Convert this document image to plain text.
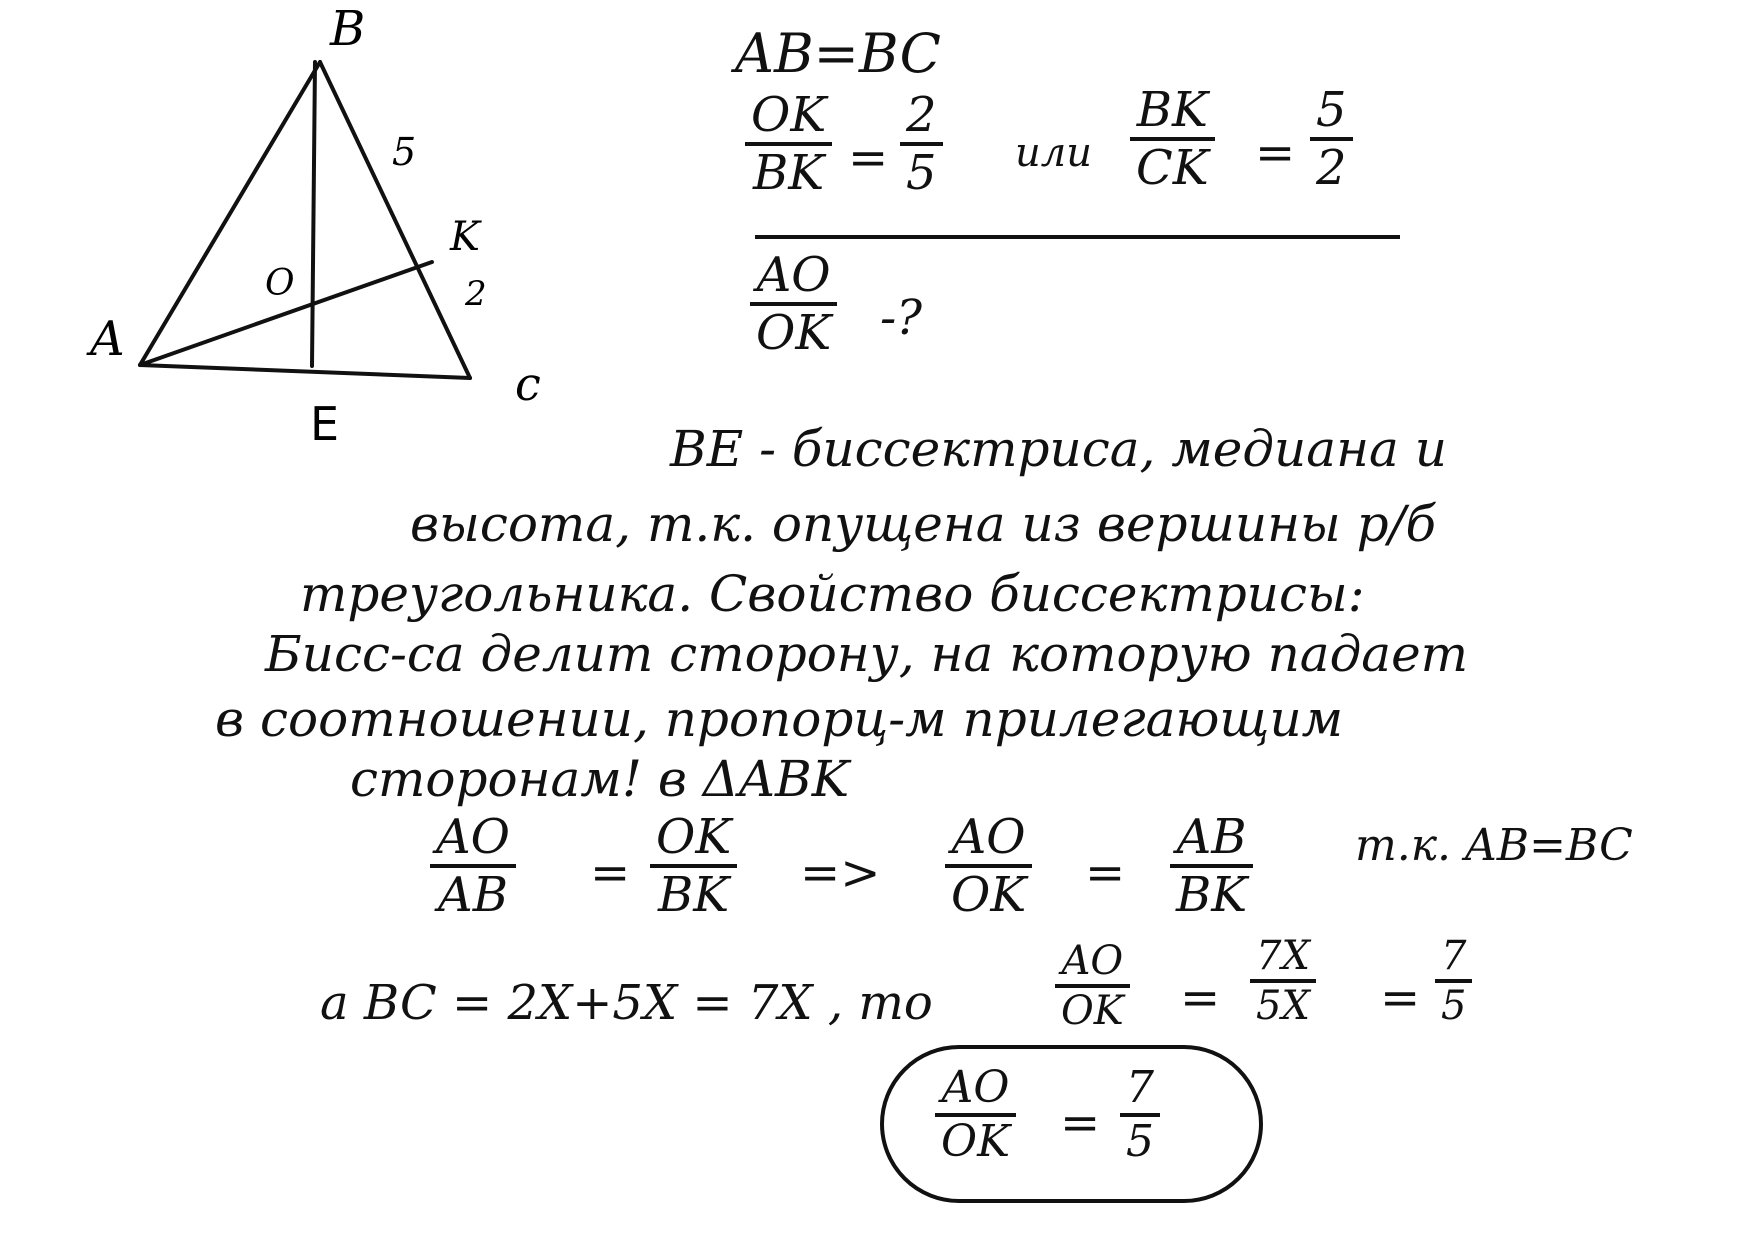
B
A
c
E
K
O
5
2
AB=BC
OK
BK =
2
5 или
BK
CK =
5
2
AO
OK -?
BE - биссектриса, медиана и
высота, т.к. опущена из вершины р/б
треугольника. Свойство биссектрисы:
Бисс-са делит сторону, на которую падает
в соотношении, пропорц-м прилегающим
сторонам! в ΔABK
AO
AB =
OK
BK =>
AO
OK =
AB
BK
т.к. AB=BC
a BC = 2X+5X = 7X , то
AO
OK =
7X
5X =
7
5
AO
OK =
7
5
